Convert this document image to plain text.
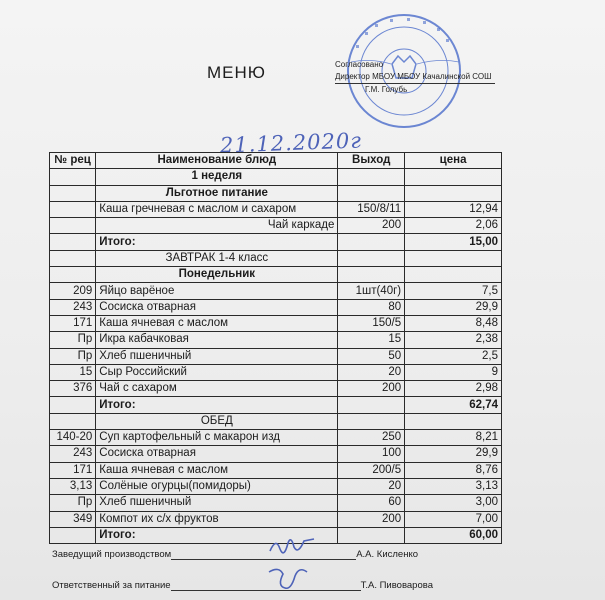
МЕНЮ	Согласовано
Директор МБОУ МБОУ Качалинской СОШ
Г.М. Голубь
21.12.2020г
№ рец	Наименование блюд	Выход	цена
	1 неделя		
	Льготное питание		
	Каша гречневая с маслом и сахаром	150/8/11	12,94
	Чай каркаде	200	2,06
	Итого:		15,00
	ЗАВТРАК 1-4 класс		
	Понедельник		
209	Яйцо варёное	1шт(40г)	7,5
243	Сосиска отварная	80	29,9
171	Каша ячневая с маслом	150/5	8,48
Пр	Икра кабачковая	15	2,38
Пр	Хлеб пшеничный	50	2,5
15	Сыр Российский	20	9
376	Чай с сахаром	200	2,98
	Итого:		62,74
	ОБЕД		
140-20	Суп картофельный с макарон изд	250	8,21
243	Сосиска отварная	100	29,9
171	Каша ячневая с маслом	200/5	8,76
3,13	Солёные огурцы(помидоры)	20	3,13
Пр	Хлеб пшеничный	60	3,00
349	Компот их с/х фруктов	200	7,00
	Итого:		60,00
Заведущий производством	А.А. Кисленко
Ответственный за питание	Т.А. Пивоварова
